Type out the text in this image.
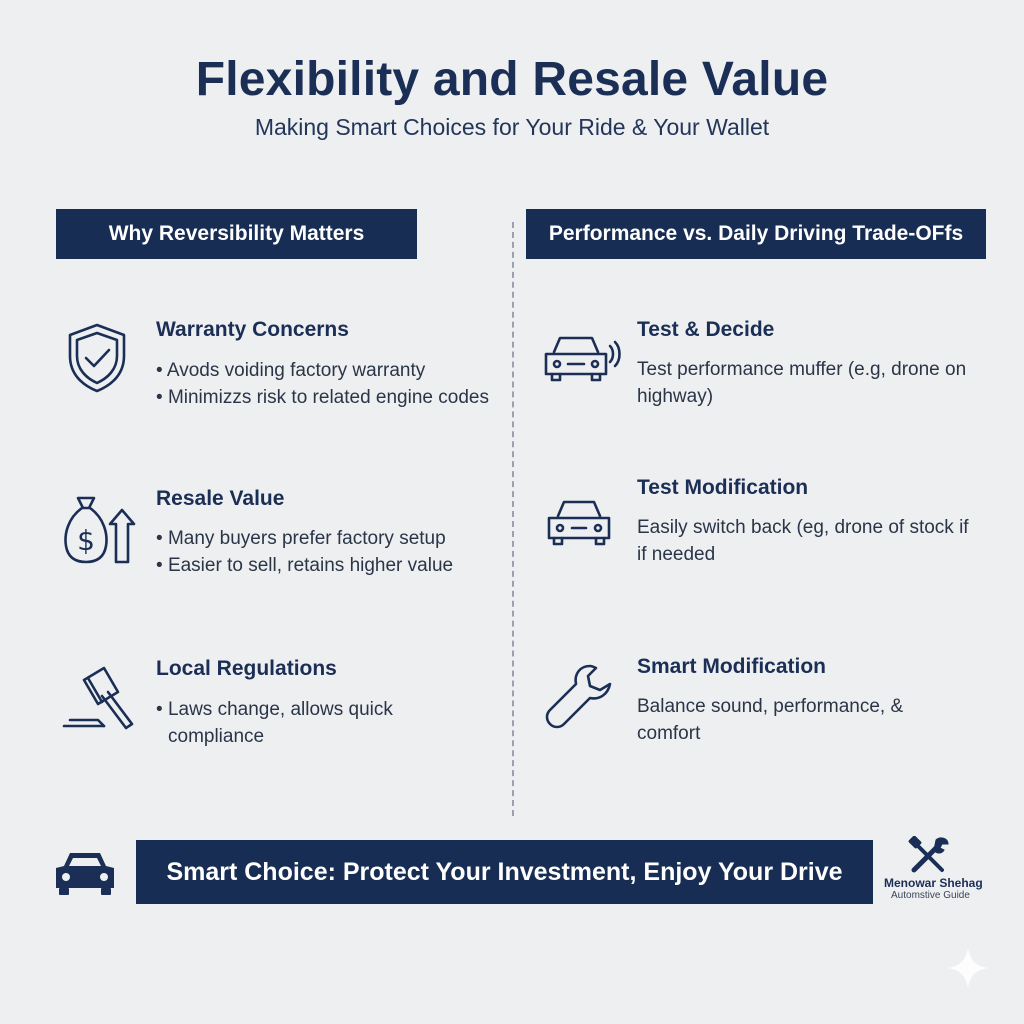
Flexibility and Resale Value
Making Smart Choices for Your Ride & Your Wallet
Why Reversibility Matters	Performance vs. Daily Driving Trade-OFfs
Warranty Concerns
• Avods voiding factory warranty
• Minimizzs risk to related engine codes
$
Resale Value
• Many buyers prefer factory setup
• Easier to sell, retains higher value
Local Regulations
• Laws change, allows quick
compliance
Test & Decide
Test performance muffer (e.g, drone on
highway)
Test Modification
Easily switch back (eg, drone of stock if
if needed
Smart Modification
Balance sound, performance, &
comfort
Smart Choice: Protect Your Investment, Enjoy Your Drive	Menowar Shehag
Automstive Guide
